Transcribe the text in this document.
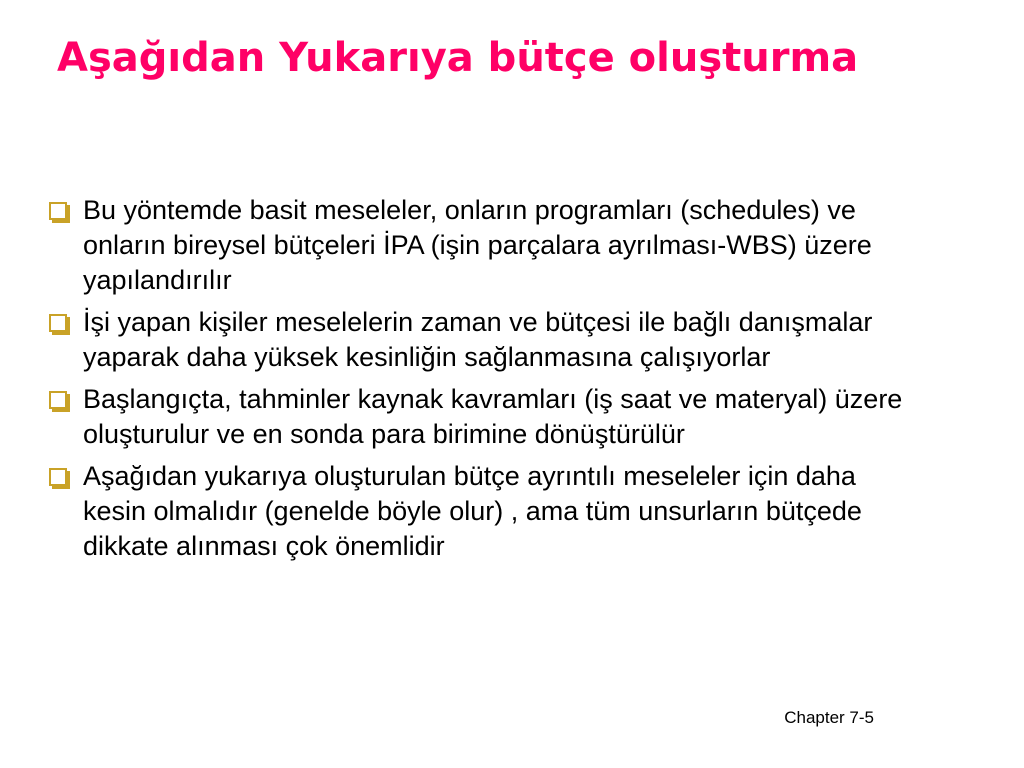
Aşağıdan Yukarıya bütçe oluşturma
Bu yöntemde basit meseleler, onların programları (schedules) ve onların bireysel bütçeleri İPA (işin parçalara ayrılması-WBS) üzere yapılandırılır
İşi yapan kişiler meselelerin zaman ve bütçesi ile bağlı danışmalar yaparak daha yüksek kesinliğin sağlanmasına çalışıyorlar
Başlangıçta, tahminler kaynak kavramları (iş saat ve materyal) üzere oluşturulur ve en sonda para birimine dönüştürülür
Aşağıdan yukarıya oluşturulan bütçe ayrıntılı meseleler için daha kesin olmalıdır (genelde böyle olur) , ama tüm unsurların bütçede dikkate alınması çok önemlidir
Chapter 7-5
